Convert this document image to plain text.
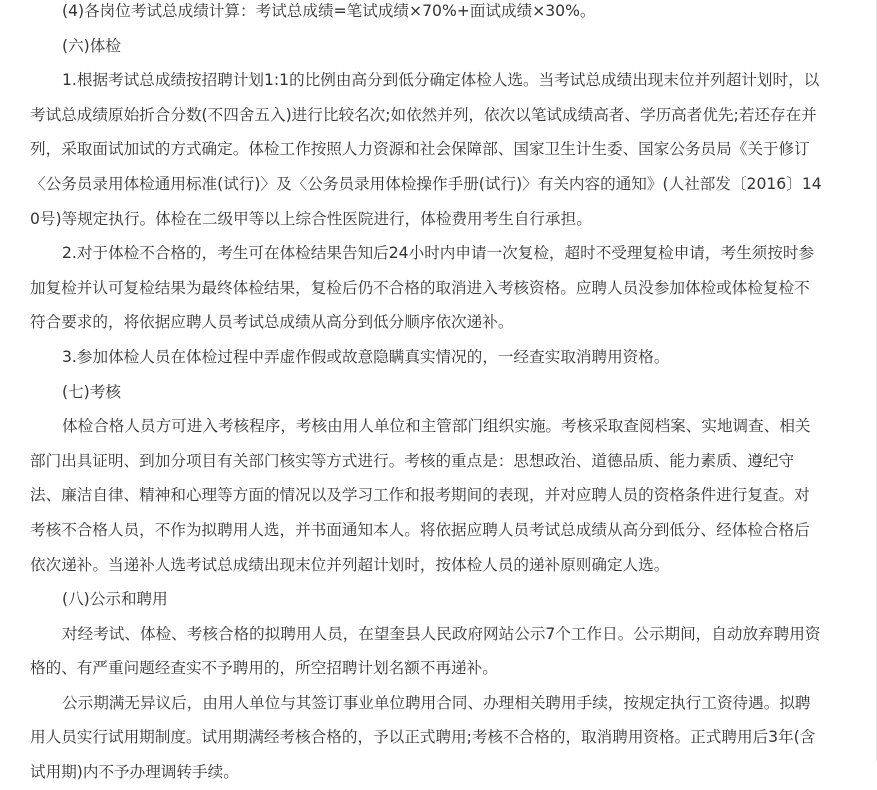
(4)各岗位考试总成绩计算：考试总成绩=笔试成绩×70%+面试成绩×30%。
(六)体检
1.根据考试总成绩按招聘计划1:1的比例由高分到低分确定体检人选。当考试总成绩出现末位并列超计划时，以
考试总成绩原始折合分数(不四舍五入)进行比较名次;如依然并列，依次以笔试成绩高者、学历高者优先;若还存在并
列，采取面试加试的方式确定。体检工作按照人力资源和社会保障部、国家卫生计生委、国家公务员局《关于修订
〈公务员录用体检通用标准(试行)〉及〈公务员录用体检操作手册(试行)〉有关内容的通知》(人社部发〔2016〕14
0号)等规定执行。体检在二级甲等以上综合性医院进行，体检费用考生自行承担。
2.对于体检不合格的，考生可在体检结果告知后24小时内申请一次复检，超时不受理复检申请，考生须按时参
加复检并认可复检结果为最终体检结果，复检后仍不合格的取消进入考核资格。应聘人员没参加体检或体检复检不
符合要求的，将依据应聘人员考试总成绩从高分到低分顺序依次递补。
3.参加体检人员在体检过程中弄虚作假或故意隐瞒真实情况的，一经查实取消聘用资格。
(七)考核
体检合格人员方可进入考核程序，考核由用人单位和主管部门组织实施。考核采取查阅档案、实地调查、相关
部门出具证明、到加分项目有关部门核实等方式进行。考核的重点是：思想政治、道德品质、能力素质、遵纪守
法、廉洁自律、精神和心理等方面的情况以及学习工作和报考期间的表现，并对应聘人员的资格条件进行复查。对
考核不合格人员，不作为拟聘用人选，并书面通知本人。将依据应聘人员考试总成绩从高分到低分、经体检合格后
依次递补。当递补人选考试总成绩出现末位并列超计划时，按体检人员的递补原则确定人选。
(八)公示和聘用
对经考试、体检、考核合格的拟聘用人员，在望奎县人民政府网站公示7个工作日。公示期间，自动放弃聘用资
格的、有严重问题经查实不予聘用的，所空招聘计划名额不再递补。
公示期满无异议后，由用人单位与其签订事业单位聘用合同、办理相关聘用手续，按规定执行工资待遇。拟聘
用人员实行试用期制度。试用期满经考核合格的，予以正式聘用;考核不合格的，取消聘用资格。正式聘用后3年(含
试用期)内不予办理调转手续。
